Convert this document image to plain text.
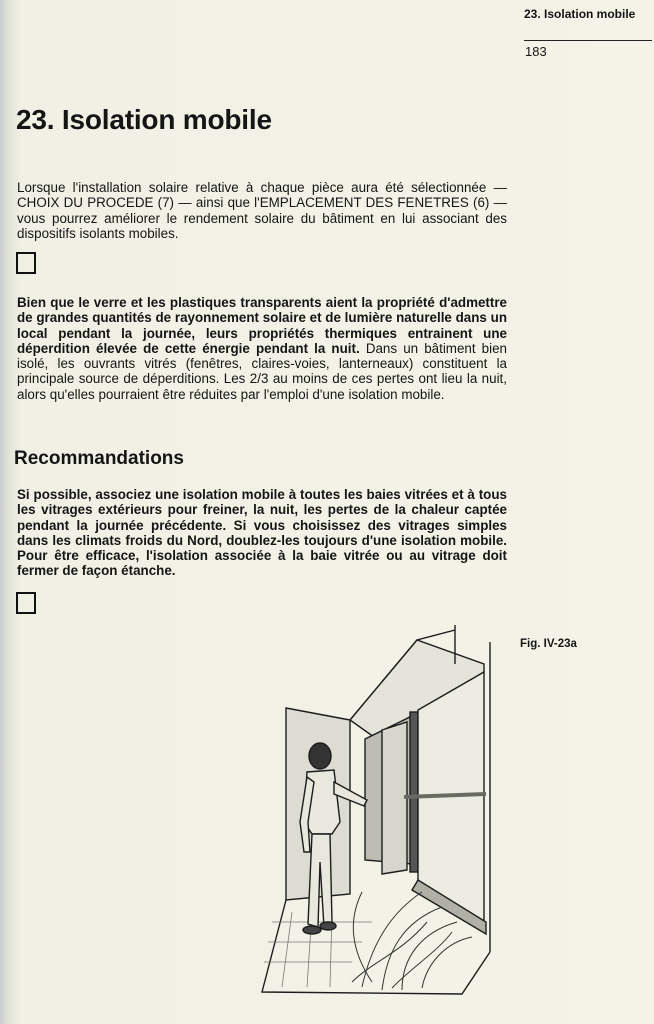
23. Isolation mobile
183
23. Isolation mobile

Lorsque l'installation solaire relative à chaque pièce aura été sélectionnée — CHOIX DU PROCEDE (7) — ainsi que l'EMPLACEMENT DES FENETRES (6) — vous pourrez améliorer le rendement solaire du bâtiment en lui associant des dispositifs isolants mobiles.

Bien que le verre et les plastiques transparents aient la propriété d'admettre de grandes quantités de rayonnement solaire et de lumière naturelle dans un local pendant la journée, leurs propriétés thermiques entrainent une déperdition élevée de cette énergie pendant la nuit. Dans un bâtiment bien isolé, les ouvrants vitrés (fenêtres, claires-voies, lanterneaux) constituent la principale source de déperditions. Les 2/3 au moins de ces pertes ont lieu la nuit, alors qu'elles pourraient être réduites par l'emploi d'une isolation mobile.

Recommandations

Si possible, associez une isolation mobile à toutes les baies vitrées et à tous les vitrages extérieurs pour freiner, la nuit, les pertes de la chaleur captée pendant la journée précédente. Si vous choisissez des vitrages simples dans les climats froids du Nord, doublez-les toujours d'une isolation mobile. Pour être efficace, l'isolation associée à la baie vitrée ou au vitrage doit fermer de façon étanche.

Fig. IV-23a
